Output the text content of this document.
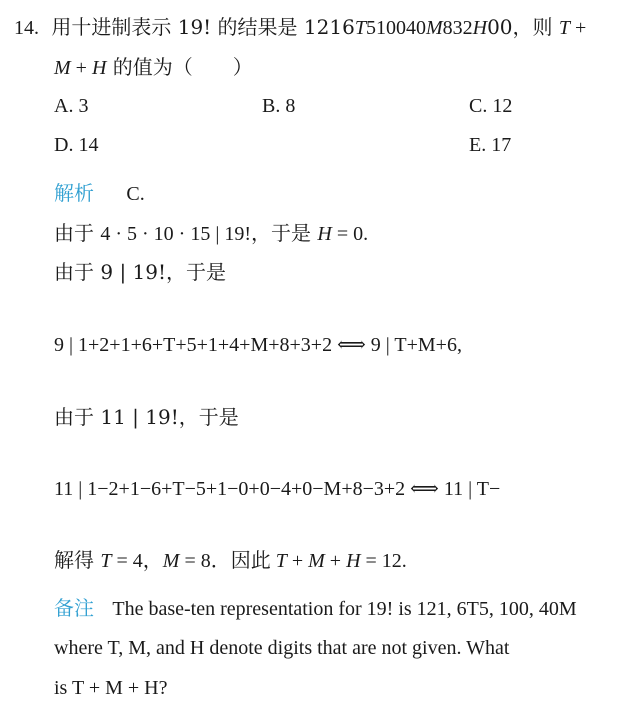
14. 用十进制表示 19! 的结果是 1216T510040M832H00，则 T +
M + H 的值为（　　）
A. 3	B. 8	C. 12
D. 14	E. 17
解析 C.
由于 4 · 5 · 10 · 15 | 19!，于是 H = 0.
由于 9 | 19!，于是
9 | 1+2+1+6+T+5+1+4+M+8+3+2 ⟺ 9 | T+M+6,
由于 11 | 19!，于是
11 | 1−2+1−6+T−5+1−0+0−4+0−M+8−3+2 ⟺ 11 | T−
解得 T = 4，M = 8．因此 T + M + H = 12.
备注 The base-ten representation for 19! is 121, 6T5, 100, 40M
where T, M, and H denote digits that are not given. What
is T + M + H?
